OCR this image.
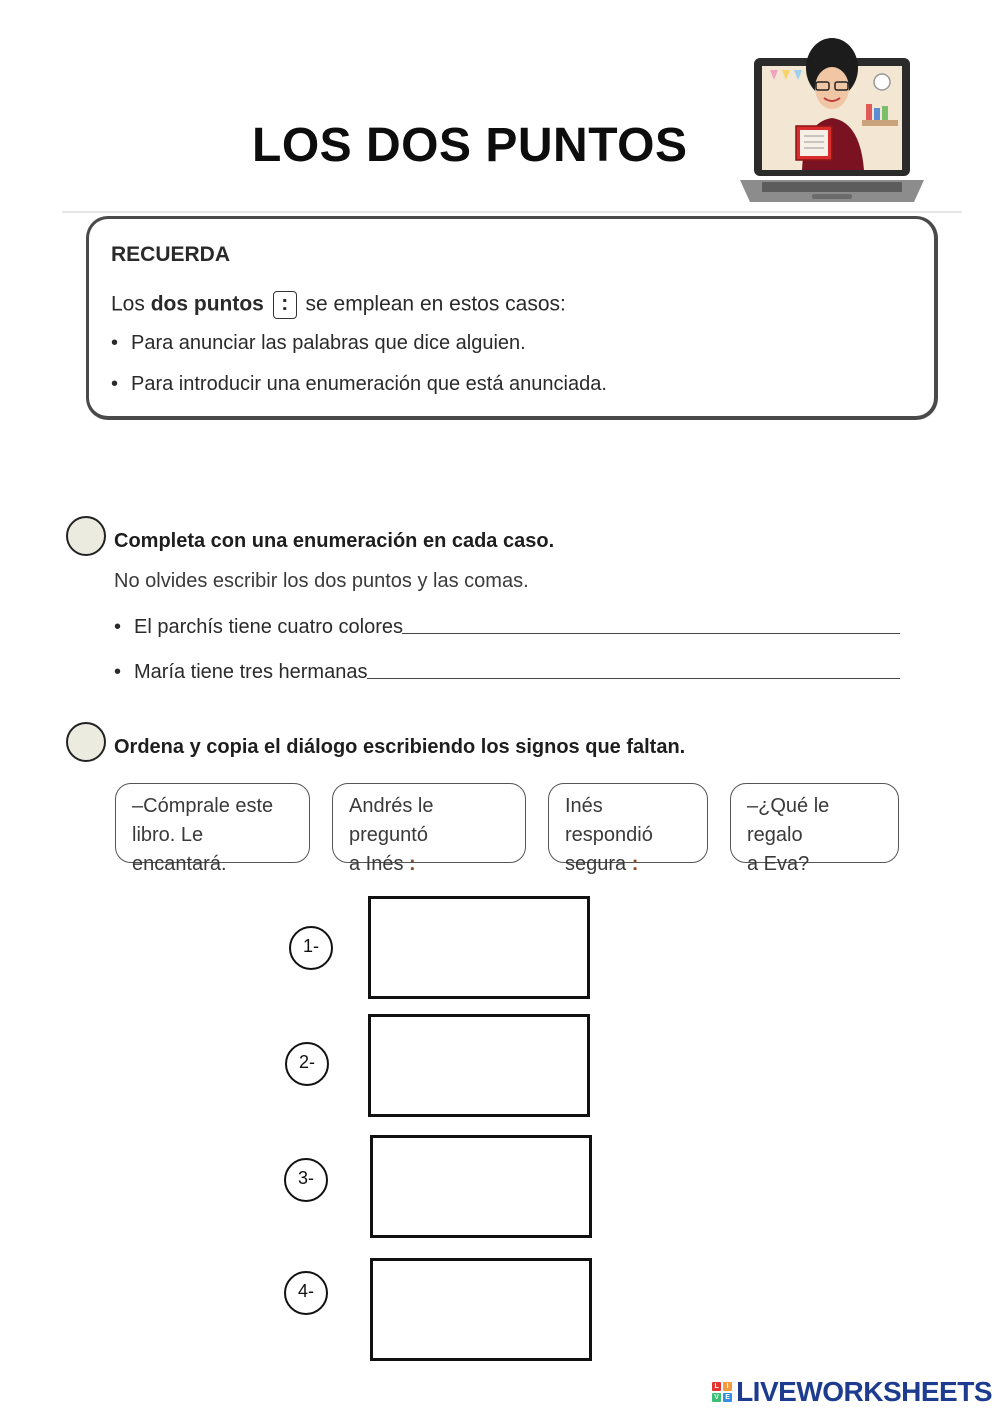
LOS DOS PUNTOS
RECUERDA
Los dos puntos : se emplean en estos casos:
• Para anunciar las palabras que dice alguien.
• Para introducir una enumeración que está anunciada.
Completa con una enumeración en cada caso.
No olvides escribir los dos puntos y las comas.
• El parchís tiene cuatro colores
• María tiene tres hermanas
Ordena y copia el diálogo escribiendo los signos que faltan.
–Cómprale este
libro. Le encantará.
Andrés le preguntó
a Inés :
Inés respondió
segura :
–¿Qué le regalo
a Eva?
1-
2-
3-
4-
L	I
V E LIVEWORKSHEETS
